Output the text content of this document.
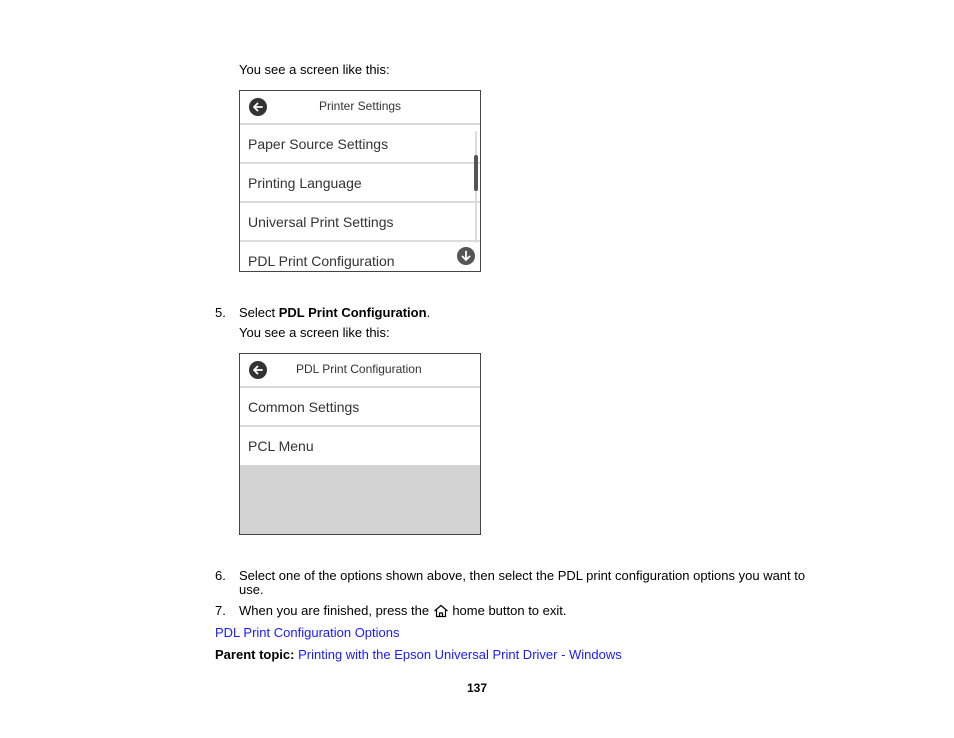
You see a screen like this:
Printer Settings
Paper Source Settings
Printing Language
Universal Print Settings
PDL Print Configuration
5. Select PDL Print Configuration.
You see a screen like this:
PDL Print Configuration
Common Settings
PCL Menu
6. Select one of the options shown above, then select the PDL print configuration options you want to
use.
7. When you are finished, press the home button to exit.
PDL Print Configuration Options
Parent topic: Printing with the Epson Universal Print Driver - Windows
137
